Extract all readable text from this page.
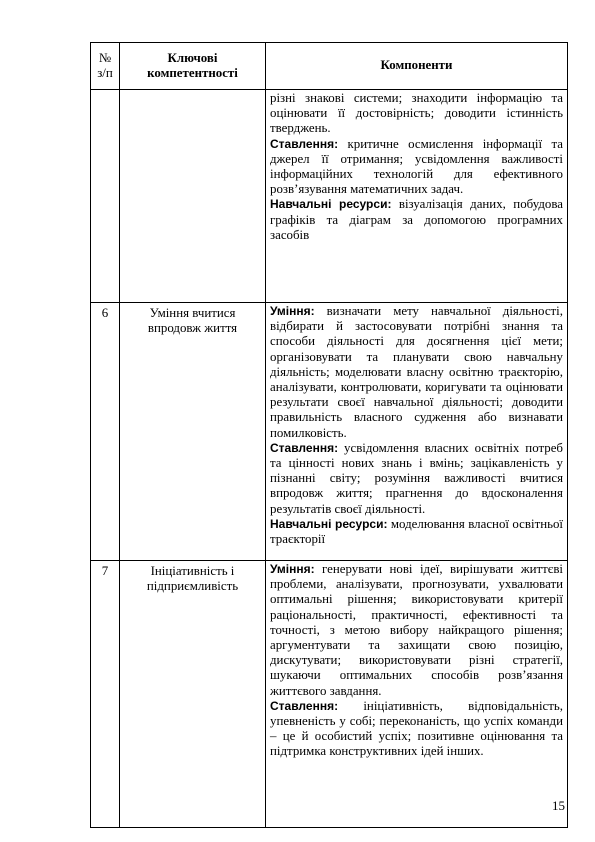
№ з/п	Ключові компетентності	Компоненти

		різні знакові системи; знаходити інформацію та оцінювати її достовірність; доводити істинність тверджень.

Ставлення: критичне осмислення інформації та джерел її отримання; усвідомлення важливості інформаційних технологій для ефективного розв’язування математичних задач.

Навчальні ресурси: візуалізація даних, побудова графіків та діаграм за допомогою програмних засобів

6	Уміння вчитися впродовж життя	Уміння: визначати мету навчальної діяльності, відбирати й застосовувати потрібні знання та способи діяльності для досягнення цієї мети; організовувати та планувати свою навчальну діяльність; моделювати власну освітню траєкторію, аналізувати, контролювати, коригувати та оцінювати результати своєї навчальної діяльності; доводити правильність власного судження або визнавати помилковість.

Ставлення: усвідомлення власних освітніх потреб та цінності нових знань і вмінь; зацікавленість у пізнанні світу; розуміння важливості вчитися впродовж життя; прагнення до вдосконалення результатів своєї діяльності.

Навчальні ресурси: моделювання власної освітньої траєкторії

7	Ініціативність і підприємливість	Уміння: генерувати нові ідеї, вирішувати життєві проблеми, аналізувати, прогнозувати, ухвалювати оптимальні рішення; використовувати критерії раціональності, практичності, ефективності та точності, з метою вибору найкращого рішення; аргументувати та захищати свою позицію, дискутувати; використовувати різні стратегії, шукаючи оптимальних способів розв’язання життєвого завдання.

Ставлення: ініціативність, відповідальність, упевненість у собі; переконаність, що успіх команди – це й особистий успіх; позитивне оцінювання та підтримка конструктивних ідей інших.

15
